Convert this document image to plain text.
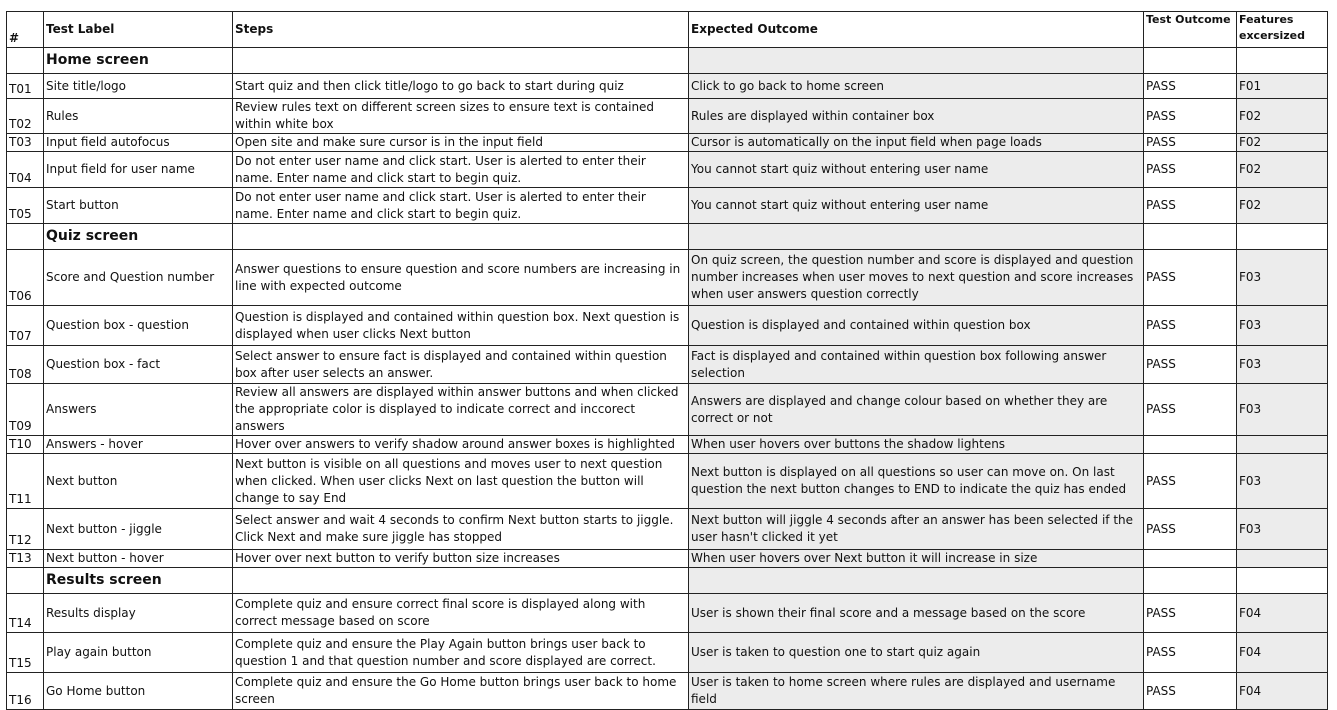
#	Test Label	Steps	Expected Outcome	Test Outcome	Features excersized
	Home screen				
T01	Site title/logo	Start quiz and then click title/logo to go back to start during quiz	Click to go back to home screen	PASS	F01
T02	Rules	Review rules text on different screen sizes to ensure text is contained within white box	Rules are displayed within container box	PASS	F02
T03	Input field autofocus	Open site and make sure cursor is in the input field	Cursor is automatically on the input field when page loads	PASS	F02
T04	Input field for user name	Do not enter user name and click start. User is alerted to enter their name. Enter name and click start to begin quiz.	You cannot start quiz without entering user name	PASS	F02
T05	Start button	Do not enter user name and click start. User is alerted to enter their name. Enter name and click start to begin quiz.	You cannot start quiz without entering user name	PASS	F02
	Quiz screen				
T06	Score and Question number	Answer questions to ensure question and score numbers are increasing in line with expected outcome	On quiz screen, the question number and score is displayed and question number increases when user moves to next question and score increases when user answers question correctly	PASS	F03
T07	Question box - question	Question is displayed and contained within question box. Next question is displayed when user clicks Next button	Question is displayed and contained within question box	PASS	F03
T08	Question box - fact	Select answer to ensure fact is displayed and contained within question box after user selects an answer.	Fact is displayed and contained within question box following answer selection	PASS	F03
T09	Answers	Review all answers are displayed within answer buttons and when clicked the appropriate color is displayed to indicate correct and inccorect answers	Answers are displayed and change colour based on whether they are correct or not	PASS	F03
T10	Answers - hover	Hover over answers to verify shadow around answer boxes is highlighted	When user hovers over buttons the shadow lightens		
T11	Next button	Next button is visible on all questions and moves user to next question when clicked. When user clicks Next on last question the button will change to say End	Next button is displayed on all questions so user can move on. On last question the next button changes to END to indicate the quiz has ended	PASS	F03
T12	Next button - jiggle	Select answer and wait 4 seconds to confirm Next button starts to jiggle. Click Next and make sure jiggle has stopped	Next button will jiggle 4 seconds after an answer has been selected if the user hasn't clicked it yet	PASS	F03
T13	Next button - hover	Hover over next button to verify button size increases	When user hovers over Next button it will increase in size		
	Results screen				
T14	Results display	Complete quiz and ensure correct final score is displayed along with correct message based on score	User is shown their final score and a message based on the score	PASS	F04
T15	Play again button	Complete quiz and ensure the Play Again button brings user back to question 1 and that question number and score displayed are correct.	User is taken to question one to start quiz again	PASS	F04
T16	Go Home button	Complete quiz and ensure the Go Home button brings user back to home screen	User is taken to home screen where rules are displayed and username field	PASS	F04
